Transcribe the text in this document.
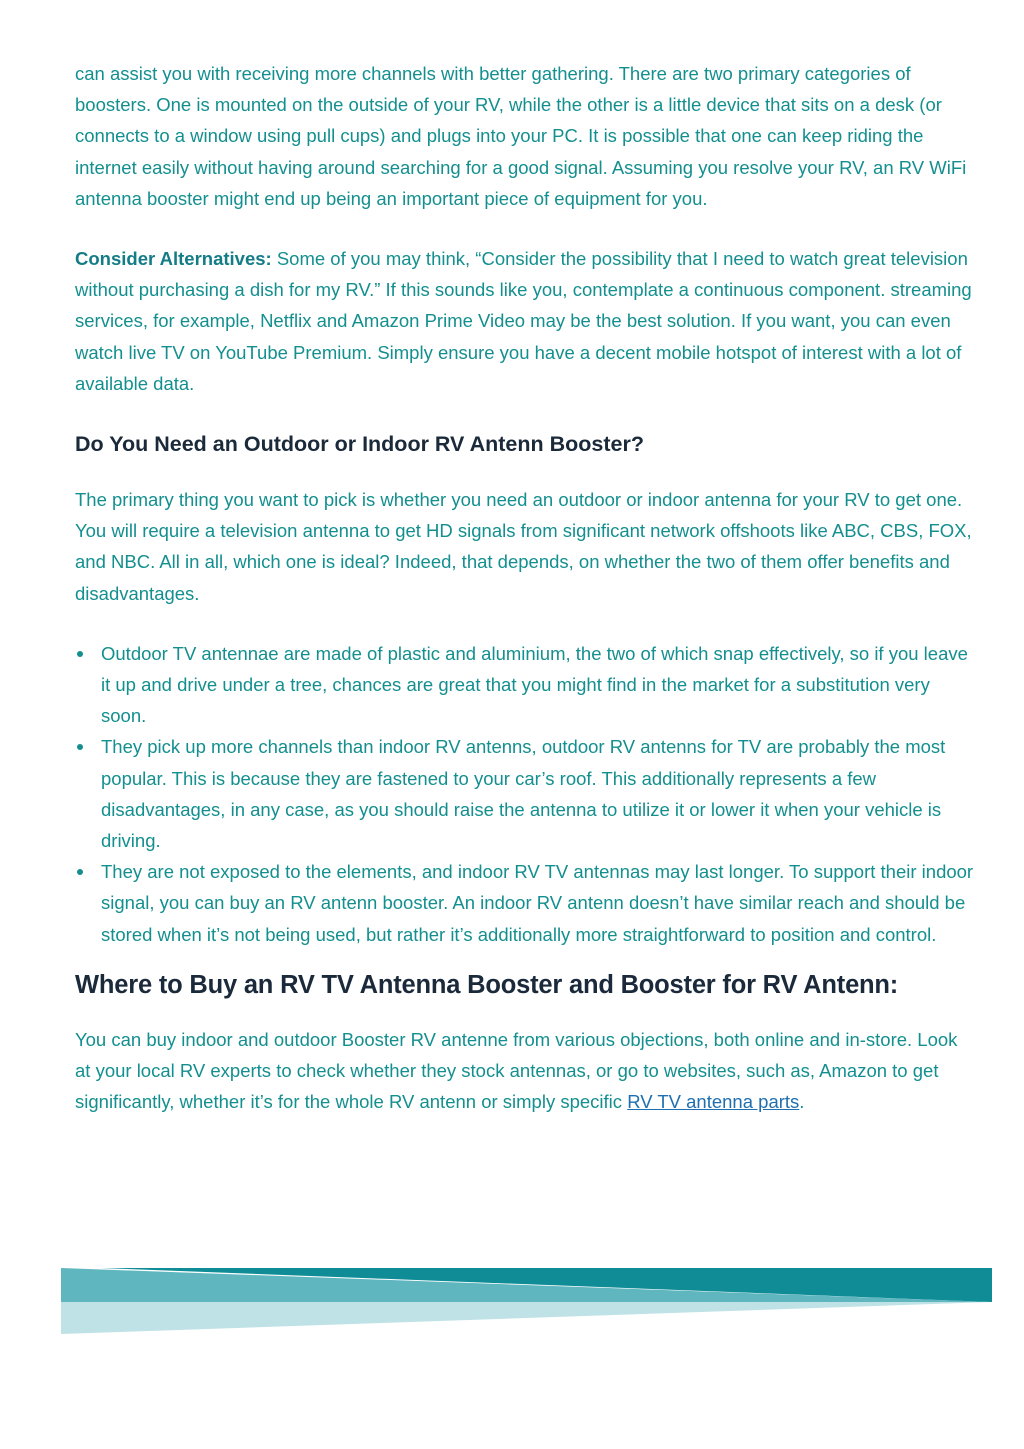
can assist you with receiving more channels with better gathering. There are two primary categories of boosters. One is mounted on the outside of your RV, while the other is a little device that sits on a desk (or connects to a window using pull cups) and plugs into your PC. It is possible that one can keep riding the internet easily without having around searching for a good signal. Assuming you resolve your RV, an RV WiFi antenna booster might end up being an important piece of equipment for you.

Consider Alternatives: Some of you may think, “Consider the possibility that I need to watch great television without purchasing a dish for my RV.” If this sounds like you, contemplate a continuous component. streaming services, for example, Netflix and Amazon Prime Video may be the best solution. If you want, you can even watch live TV on YouTube Premium. Simply ensure you have a decent mobile hotspot of interest with a lot of available data.

Do You Need an Outdoor or Indoor RV Antenn Booster?

The primary thing you want to pick is whether you need an outdoor or indoor antenna for your RV to get one. You will require a television antenna to get HD signals from significant network offshoots like ABC, CBS, FOX, and NBC. All in all, which one is ideal? Indeed, that depends, on whether the two of them offer benefits and disadvantages.

Outdoor TV antennae are made of plastic and aluminium, the two of which snap effectively, so if you leave it up and drive under a tree, chances are great that you might find in the market for a substitution very soon.
They pick up more channels than indoor RV antenns, outdoor RV antenns for TV are probably the most popular. This is because they are fastened to your car’s roof. This additionally represents a few disadvantages, in any case, as you should raise the antenna to utilize it or lower it when your vehicle is driving.
They are not exposed to the elements, and indoor RV TV antennas may last longer. To support their indoor signal, you can buy an RV antenn booster. An indoor RV antenn doesn’t have similar reach and should be stored when it’s not being used, but rather it’s additionally more straightforward to position and control.
Where to Buy an RV TV Antenna Booster and Booster for RV Antenn:

You can buy indoor and outdoor Booster RV antenne from various objections, both online and in-store. Look at your local RV experts to check whether they stock antennas, or go to websites, such as, Amazon to get significantly, whether it’s for the whole RV antenn or simply specific RV TV antenna parts.
